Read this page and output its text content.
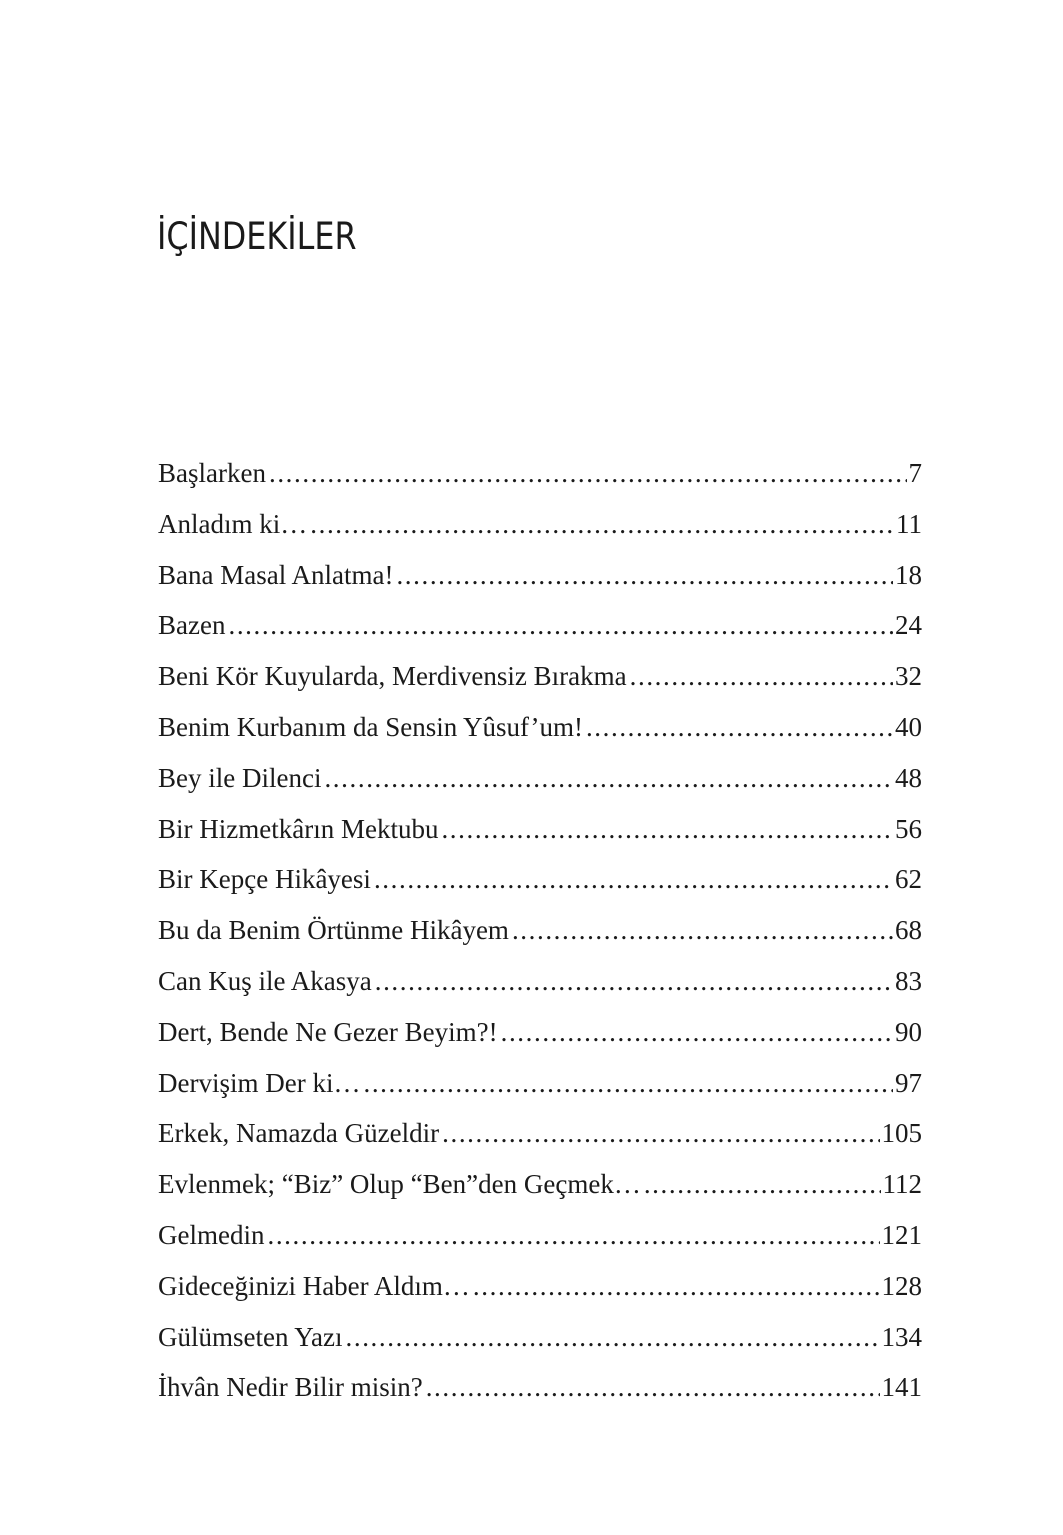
İÇİNDEKİLER
Başlarken .....	7
Anladım ki… .....	11
Bana Masal Anlatma! .....	18
Bazen .....	24
Beni Kör Kuyularda, Merdivensiz Bırakma .....	32
Benim Kurbanım da Sensin Yûsuf’um! .....	40
Bey ile Dilenci .....	48
Bir Hizmetkârın Mektubu .....	56
Bir Kepçe Hikâyesi .....	62
Bu da Benim Örtünme Hikâyem .....	68
Can Kuş ile Akasya .....	83
Dert, Bende Ne Gezer Beyim?! .....	90
Dervişim Der ki… .....	97
Erkek, Namazda Güzeldir .....	105
Evlenmek; “Biz” Olup “Ben”den Geçmek… .....	112
Gelmedin .....	121
Gideceğinizi Haber Aldım… .....	128
Gülümseten Yazı .....	134
İhvân Nedir Bilir misin? .....	141
